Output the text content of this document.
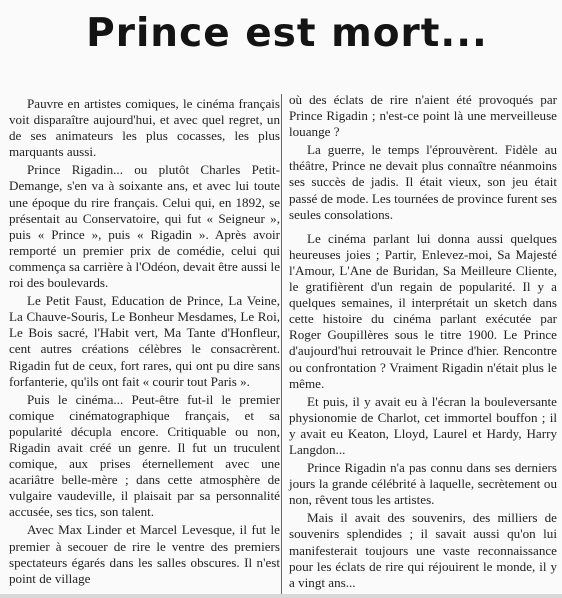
Prince est mort...

Pauvre en artistes comiques, le cinéma français voit disparaître aujourd'hui, et avec quel regret, un de ses animateurs les plus cocasses, les plus marquants aussi.

Prince Rigadin... ou plutôt Charles Petit-Demange, s'en va à soixante ans, et avec lui toute une époque du rire français. Celui qui, en 1892, se présentait au Conservatoire, qui fut « Seigneur », puis « Prince », puis « Rigadin ». Après avoir remporté un premier prix de comédie, celui qui commença sa carrière à l'Odéon, devait être aussi le roi des boulevards.

Le Petit Faust, Education de Prince, La Veine, La Chauve-Souris, Le Bonheur Mesdames, Le Roi, Le Bois sacré, l'Habit vert, Ma Tante d'Honfleur, cent autres créations célèbres le consacrèrent. Rigadin fut de ceux, fort rares, qui ont pu dire sans forfanterie, qu'ils ont fait « courir tout Paris ».

Puis le cinéma... Peut-être fut-il le premier comique cinématographique français, et sa popularité décupla encore. Critiquable ou non, Rigadin avait créé un genre. Il fut un truculent comique, aux prises éternellement avec une acariâtre belle-mère ; dans cette atmosphère de vulgaire vaudeville, il plaisait par sa personnalité accusée, ses tics, son talent.

Avec Max Linder et Marcel Levesque, il fut le premier à secouer de rire le ventre des premiers spectateurs égarés dans les salles obscures. Il n'est point de village

où des éclats de rire n'aient été provoqués par Prince Rigadin ; n'est-ce point là une merveilleuse louange ?

La guerre, le temps l'éprouvèrent. Fidèle au théâtre, Prince ne devait plus connaître néanmoins ses succès de jadis. Il était vieux, son jeu était passé de mode. Les tournées de province furent ses seules consolations.

Le cinéma parlant lui donna aussi quelques heureuses joies ; Partir, Enlevez-moi, Sa Majesté l'Amour, L'Ane de Buridan, Sa Meilleure Cliente, le gratifièrent d'un regain de popularité. Il y a quelques semaines, il interprétait un sketch dans cette histoire du cinéma parlant exécutée par Roger Goupillères sous le titre 1900. Le Prince d'aujourd'hui retrouvait le Prince d'hier. Rencontre ou confrontation ? Vraiment Rigadin n'était plus le même.

Et puis, il y avait eu à l'écran la bouleversante physionomie de Charlot, cet immortel bouffon ; il y avait eu Keaton, Lloyd, Laurel et Hardy, Harry Langdon...

Prince Rigadin n'a pas connu dans ses derniers jours la grande célébrité à laquelle, secrètement ou non, rêvent tous les artistes.

Mais il avait des souvenirs, des milliers de souvenirs splendides ; il savait aussi qu'on lui manifesterait toujours une vaste reconnaissance pour les éclats de rire qui réjouirent le monde, il y a vingt ans...
